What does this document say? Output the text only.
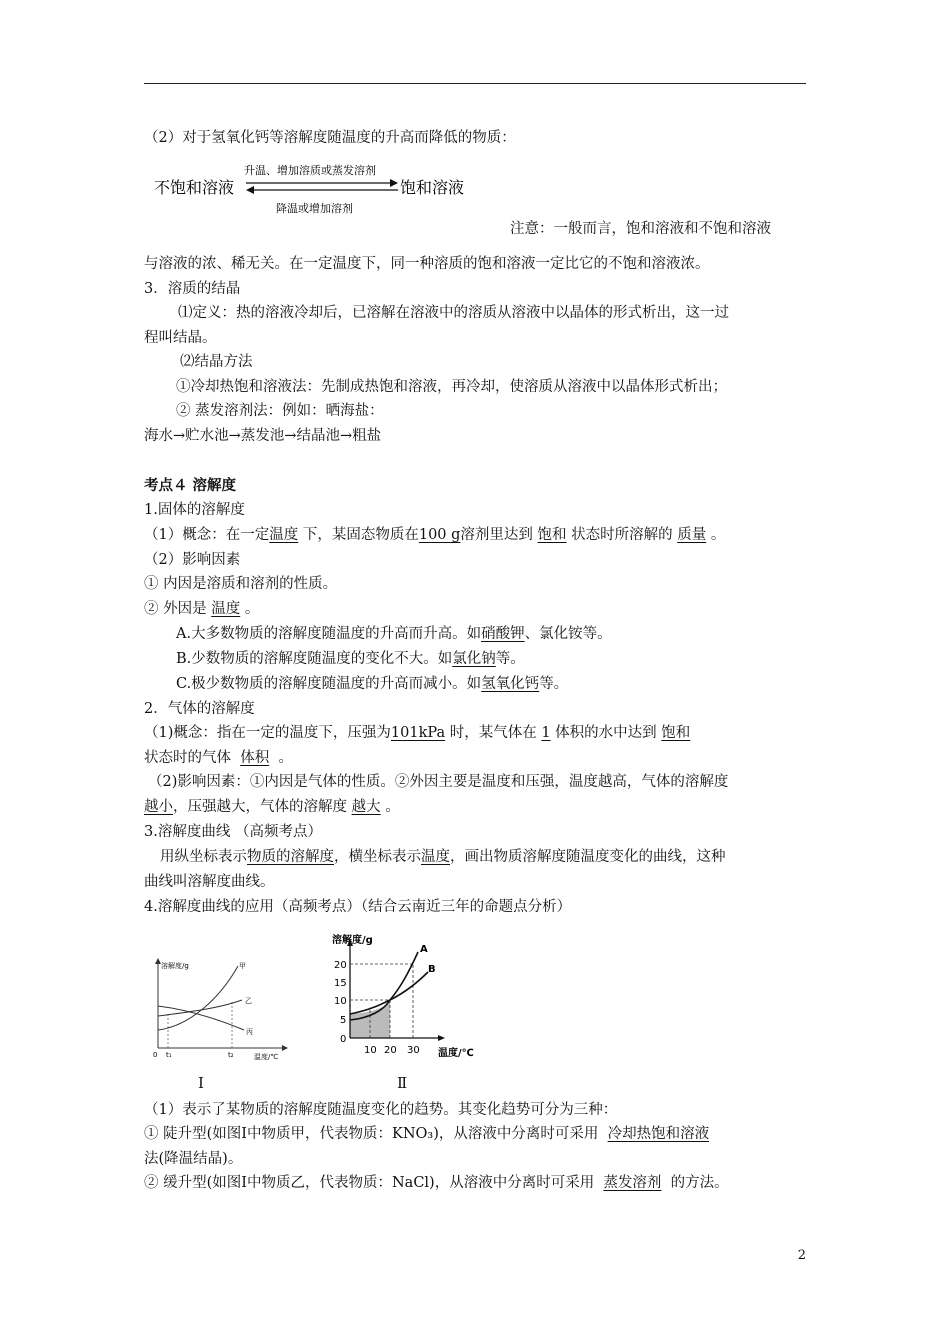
（2）对于氢氧化钙等溶解度随温度的升高而降低的物质：
不饱和溶液	饱和溶液
升温、增加溶质或蒸发溶剂
降温或增加溶剂
注意：一般而言，饱和溶液和不饱和溶液
与溶液的浓、稀无关。在一定温度下，同一种溶质的饱和溶液一定比它的不饱和溶液浓。
3．溶质的结晶
⑴定义：热的溶液冷却后，已溶解在溶液中的溶质从溶液中以晶体的形式析出，这一过
程叫结晶。
⑵结晶方法
①冷却热饱和溶液法：先制成热饱和溶液，再冷却，使溶质从溶液中以晶体形式析出；
② 蒸发溶剂法：例如：晒海盐：
海水→贮水池→蒸发池→结晶池→粗盐
考点４ 溶解度
1.固体的溶解度
（1）概念：在一定温度 下，某固态物质在100 g溶剂里达到 饱和 状态时所溶解的 质量 。
（2）影响因素
① 内因是溶质和溶剂的性质。
② 外因是 温度 。
A.大多数物质的溶解度随温度的升高而升高。如硝酸钾、氯化铵等。
B.少数物质的溶解度随温度的变化不大。如氯化钠等。
C.极少数物质的溶解度随温度的升高而减小。如氢氧化钙等。
2．气体的溶解度
（1)概念：指在一定的温度下，压强为101kPa 时，某气体在 1 体积的水中达到 饱和
状态时的气体 体积 。
（2)影响因素：①内因是气体的性质。②外因主要是温度和压强，温度越高，气体的溶解度
越小，压强越大，气体的溶解度 越大 。
3.溶解度曲线 （高频考点）
用纵坐标表示物质的溶解度，横坐标表示温度，画出物质溶解度随温度变化的曲线，这种
曲线叫溶解度曲线。
4.溶解度曲线的应用（高频考点）（结合云南近三年的命题点分析）
溶解度/g
温度/℃
0 t₁	t₂
甲
乙
丙
Ⅰ
溶解度/g
温度/℃
0
5
10
15
20
10 20 30
A
B
Ⅱ
（1）表示了某物质的溶解度随温度变化的趋势。其变化趋势可分为三种：
① 陡升型(如图Ⅰ中物质甲，代表物质：KNO₃)，从溶液中分离时可采用 冷却热饱和溶液
法(降温结晶)。
② 缓升型(如图Ⅰ中物质乙，代表物质：NaCl)，从溶液中分离时可采用 蒸发溶剂 的方法。
2
